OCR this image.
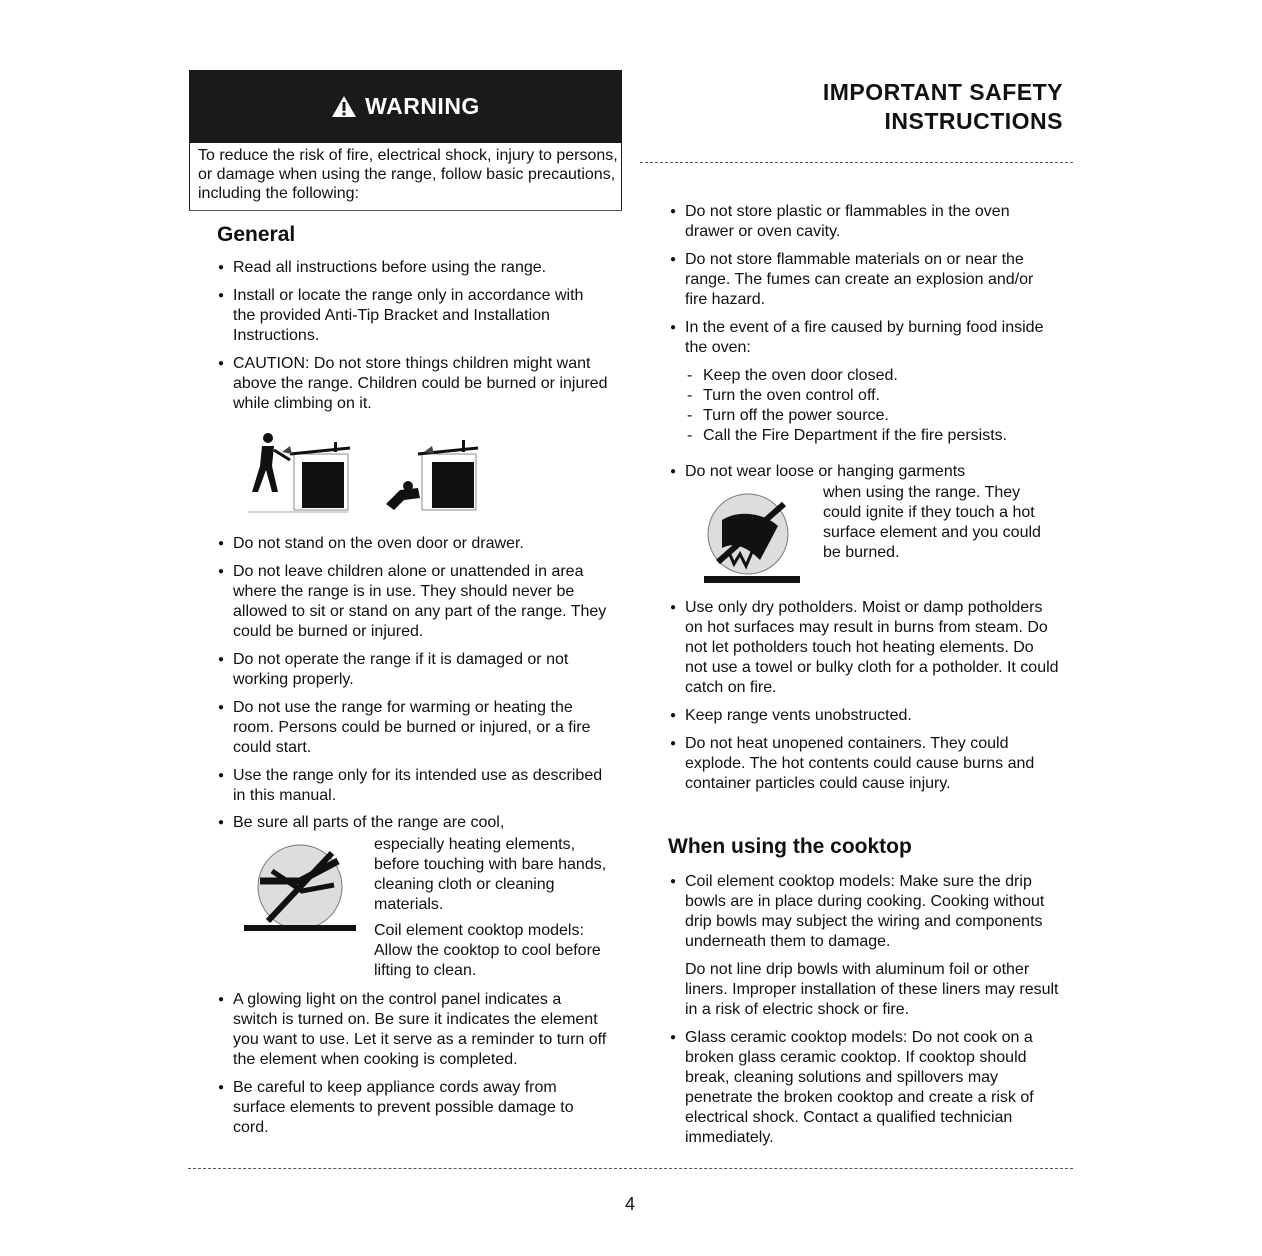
WARNING
To reduce the risk of fire, electrical shock, injury to persons, or damage when using the range, follow basic precautions, including the following:
IMPORTANT SAFETY
INSTRUCTIONS
General
● Read all instructions before using the range.
● Install or locate the range only in accordance with the provided Anti-Tip Bracket and Installation Instructions.
● CAUTION: Do not store things children might want above the range. Children could be burned or injured while climbing on it.
● Do not stand on the oven door or drawer.
● Do not leave children alone or unattended in area where the range is in use. They should never be allowed to sit or stand on any part of the range. They could be burned or injured.
● Do not operate the range if it is damaged or not working properly.
● Do not use the range for warming or heating the room. Persons could be burned or injured, or a fire could start.
● Use the range only for its intended use as described in this manual.
● Be sure all parts of the range are cool,
especially heating elements, before touching with bare hands, cleaning cloth or cleaning materials.
Coil element cooktop models: Allow the cooktop to cool before lifting to clean.
● A glowing light on the control panel indicates a switch is turned on. Be sure it indicates the element you want to use. Let it serve as a reminder to turn off the element when cooking is completed.
● Be careful to keep appliance cords away from surface elements to prevent possible damage to cord.
● Do not store plastic or flammables in the oven drawer or oven cavity.
● Do not store flammable materials on or near the range. The fumes can create an explosion and/or fire hazard.
● In the event of a fire caused by burning food inside the oven:
- Keep the oven door closed.
- Turn the oven control off.
- Turn off the power source.
- Call the Fire Department if the fire persists.
● Do not wear loose or hanging garments
when using the range. They could ignite if they touch a hot surface element and you could be burned.
● Use only dry potholders. Moist or damp potholders on hot surfaces may result in burns from steam. Do not let potholders touch hot heating elements. Do not use a towel or bulky cloth for a potholder. It could catch on fire.
● Keep range vents unobstructed.
● Do not heat unopened containers. They could explode. The hot contents could cause burns and container particles could cause injury.
When using the cooktop
● Coil element cooktop models: Make sure the drip bowls are in place during cooking. Cooking without drip bowls may subject the wiring and components underneath them to damage.
Do not line drip bowls with aluminum foil or other liners. Improper installation of these liners may result in a risk of electric shock or fire.
● Glass ceramic cooktop models: Do not cook on a broken glass ceramic cooktop. If cooktop should break, cleaning solutions and spillovers may penetrate the broken cooktop and create a risk of electrical shock. Contact a qualified technician immediately.
4
